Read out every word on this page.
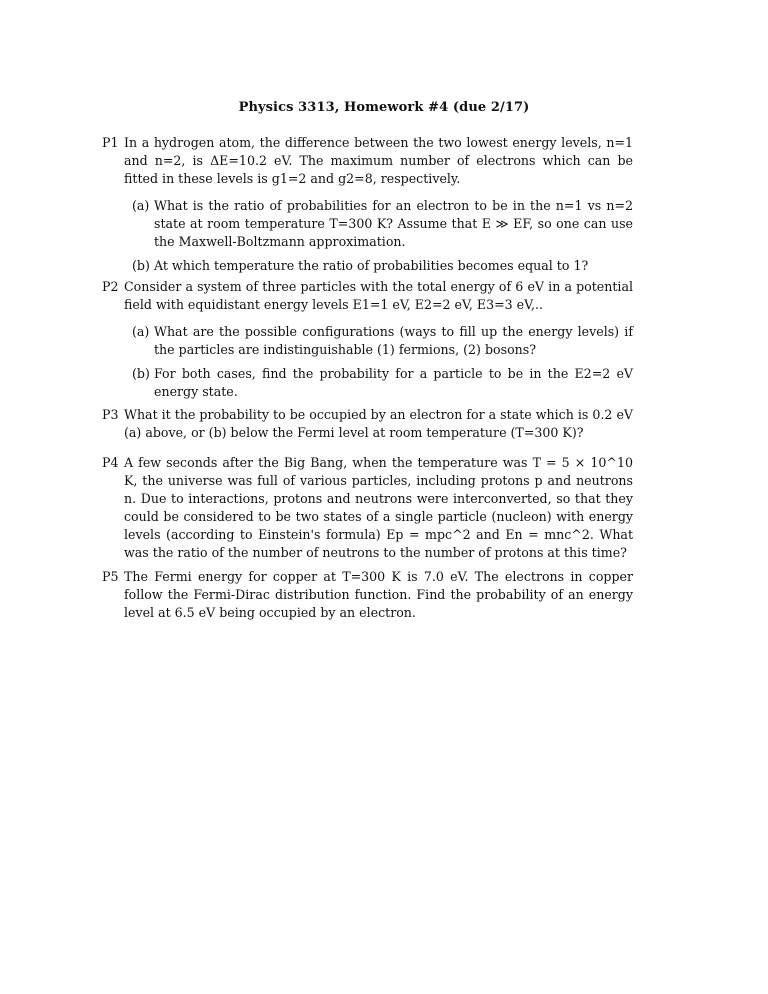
Physics 3313, Homework #4 (due 2/17)
P1 In a hydrogen atom, the difference between the two lowest energy levels, n=1 and n=2, is ΔE=10.2 eV. The maximum number of electrons which can be fitted in these levels is g1=2 and g2=8, respectively.
(a) What is the ratio of probabilities for an electron to be in the n=1 vs n=2 state at room temperature T=300 K? Assume that E ≫ EF, so one can use the Maxwell-Boltzmann approximation.
(b) At which temperature the ratio of probabilities becomes equal to 1?
P2 Consider a system of three particles with the total energy of 6 eV in a potential field with equidistant energy levels E1=1 eV, E2=2 eV, E3=3 eV,..
(a) What are the possible configurations (ways to fill up the energy levels) if the particles are indistinguishable (1) fermions, (2) bosons?
(b) For both cases, find the probability for a particle to be in the E2=2 eV energy state.
P3 What it the probability to be occupied by an electron for a state which is 0.2 eV (a) above, or (b) below the Fermi level at room temperature (T=300 K)?
P4 A few seconds after the Big Bang, when the temperature was T = 5 × 10^10 K, the universe was full of various particles, including protons p and neutrons n. Due to interactions, protons and neutrons were interconverted, so that they could be considered to be two states of a single particle (nucleon) with energy levels (according to Einstein's formula) Ep = mpc^2 and En = mnc^2. What was the ratio of the number of neutrons to the number of protons at this time?
P5 The Fermi energy for copper at T=300 K is 7.0 eV. The electrons in copper follow the Fermi-Dirac distribution function. Find the probability of an energy level at 6.5 eV being occupied by an electron.
